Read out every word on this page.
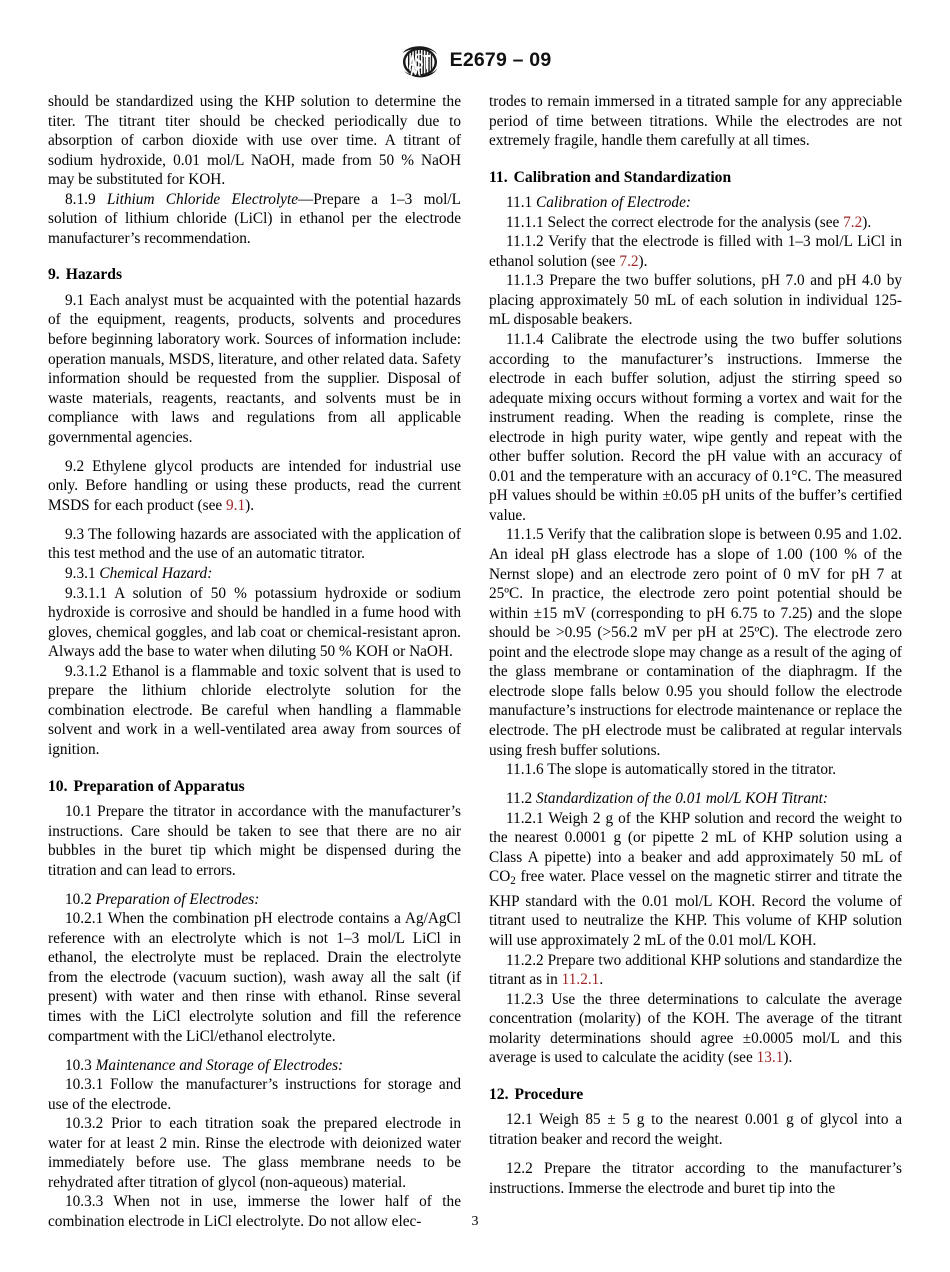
E2679 – 09

should be standardized using the KHP solution to determine the titer. The titrant titer should be checked periodically due to absorption of carbon dioxide with use over time. A titrant of sodium hydroxide, 0.01 mol/L NaOH, made from 50 % NaOH may be substituted for KOH.

8.1.9 Lithium Chloride Electrolyte—Prepare a 1–3 mol/L solution of lithium chloride (LiCl) in ethanol per the electrode manufacturer’s recommendation.

9. Hazards

9.1 Each analyst must be acquainted with the potential hazards of the equipment, reagents, products, solvents and procedures before beginning laboratory work. Sources of information include: operation manuals, MSDS, literature, and other related data. Safety information should be requested from the supplier. Disposal of waste materials, reagents, reactants, and solvents must be in compliance with laws and regulations from all applicable governmental agencies.

9.2 Ethylene glycol products are intended for industrial use only. Before handling or using these products, read the current MSDS for each product (see 9.1).

9.3 The following hazards are associated with the application of this test method and the use of an automatic titrator.

9.3.1 Chemical Hazard:

9.3.1.1 A solution of 50 % potassium hydroxide or sodium hydroxide is corrosive and should be handled in a fume hood with gloves, chemical goggles, and lab coat or chemical-resistant apron. Always add the base to water when diluting 50 % KOH or NaOH.

9.3.1.2 Ethanol is a flammable and toxic solvent that is used to prepare the lithium chloride electrolyte solution for the combination electrode. Be careful when handling a flammable solvent and work in a well-ventilated area away from sources of ignition.

10. Preparation of Apparatus

10.1 Prepare the titrator in accordance with the manufacturer’s instructions. Care should be taken to see that there are no air bubbles in the buret tip which might be dispensed during the titration and can lead to errors.

10.2 Preparation of Electrodes:

10.2.1 When the combination pH electrode contains a Ag/AgCl reference with an electrolyte which is not 1–3 mol/L LiCl in ethanol, the electrolyte must be replaced. Drain the electrolyte from the electrode (vacuum suction), wash away all the salt (if present) with water and then rinse with ethanol. Rinse several times with the LiCl electrolyte solution and fill the reference compartment with the LiCl/ethanol electrolyte.

10.3 Maintenance and Storage of Electrodes:

10.3.1 Follow the manufacturer’s instructions for storage and use of the electrode.

10.3.2 Prior to each titration soak the prepared electrode in water for at least 2 min. Rinse the electrode with deionized water immediately before use. The glass membrane needs to be rehydrated after titration of glycol (non-aqueous) material.

10.3.3 When not in use, immerse the lower half of the combination electrode in LiCl electrolyte. Do not allow elec-

trodes to remain immersed in a titrated sample for any appreciable period of time between titrations. While the electrodes are not extremely fragile, handle them carefully at all times.

11. Calibration and Standardization

11.1 Calibration of Electrode:

11.1.1 Select the correct electrode for the analysis (see 7.2).

11.1.2 Verify that the electrode is filled with 1–3 mol/L LiCl in ethanol solution (see 7.2).

11.1.3 Prepare the two buffer solutions, pH 7.0 and pH 4.0 by placing approximately 50 mL of each solution in individual 125-mL disposable beakers.

11.1.4 Calibrate the electrode using the two buffer solutions according to the manufacturer’s instructions. Immerse the electrode in each buffer solution, adjust the stirring speed so adequate mixing occurs without forming a vortex and wait for the instrument reading. When the reading is complete, rinse the electrode in high purity water, wipe gently and repeat with the other buffer solution. Record the pH value with an accuracy of 0.01 and the temperature with an accuracy of 0.1°C. The measured pH values should be within ±0.05 pH units of the buffer’s certified value.

11.1.5 Verify that the calibration slope is between 0.95 and 1.02. An ideal pH glass electrode has a slope of 1.00 (100 % of the Nernst slope) and an electrode zero point of 0 mV for pH 7 at 25ºC. In practice, the electrode zero point potential should be within ±15 mV (corresponding to pH 6.75 to 7.25) and the slope should be >0.95 (>56.2 mV per pH at 25ºC). The electrode zero point and the electrode slope may change as a result of the aging of the glass membrane or contamination of the diaphragm. If the electrode slope falls below 0.95 you should follow the electrode manufacture’s instructions for electrode maintenance or replace the electrode. The pH electrode must be calibrated at regular intervals using fresh buffer solutions.

11.1.6 The slope is automatically stored in the titrator.

11.2 Standardization of the 0.01 mol/L KOH Titrant:

11.2.1 Weigh 2 g of the KHP solution and record the weight to the nearest 0.0001 g (or pipette 2 mL of KHP solution using a Class A pipette) into a beaker and add approximately 50 mL of $CO_2$ free water. Place vessel on the magnetic stirrer and titrate the KHP standard with the 0.01 mol/L KOH. Record the volume of titrant used to neutralize the KHP. This volume of KHP solution will use approximately 2 mL of the 0.01 mol/L KOH.

11.2.2 Prepare two additional KHP solutions and standardize the titrant as in 11.2.1.

11.2.3 Use the three determinations to calculate the average concentration (molarity) of the KOH. The average of the titrant molarity determinations should agree ±0.0005 mol/L and this average is used to calculate the acidity (see 13.1).

12. Procedure

12.1 Weigh 85 ± 5 g to the nearest 0.001 g of glycol into a titration beaker and record the weight.

12.2 Prepare the titrator according to the manufacturer’s instructions. Immerse the electrode and buret tip into the

3
